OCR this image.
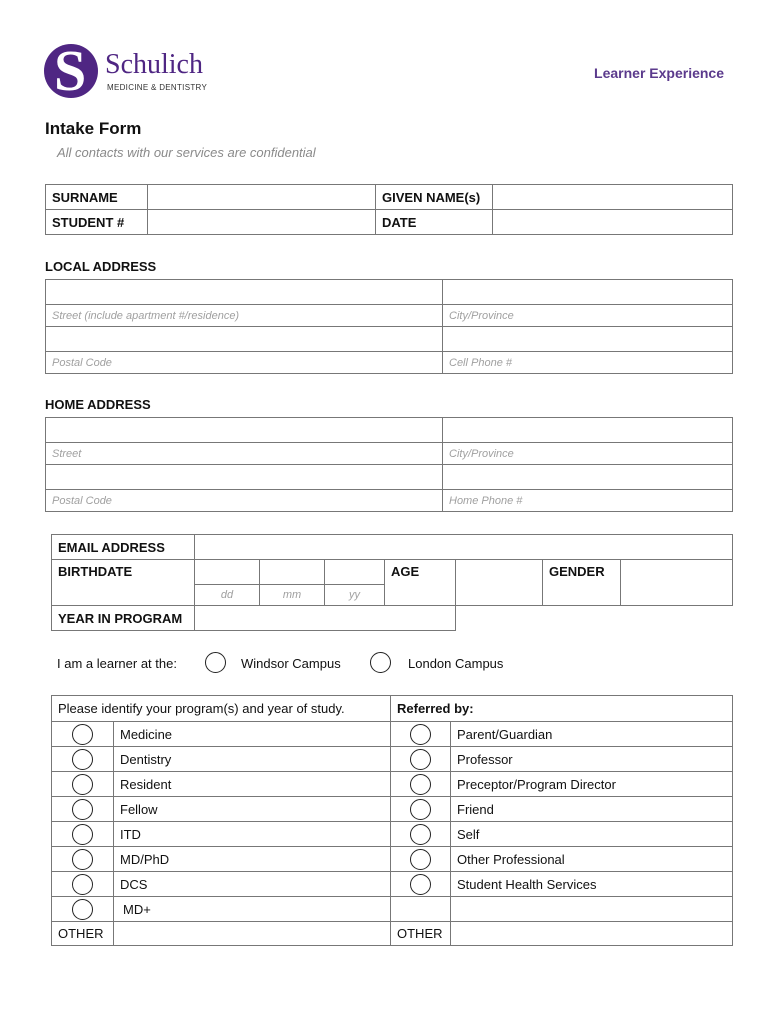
S Schulich
MEDICINE & DENTISTRY
Learner Experience
Intake Form
All contacts with our services are confidential
SURNAME		GIVEN NAME(s)	
STUDENT #		DATE	
LOCAL ADDRESS

Street (include apartment #/residence)	City/Province

Postal Code	Cell Phone #
HOME ADDRESS

Street	City/Province

Postal Code	Home Phone #
EMAIL ADDRESS							
BIRTHDATE				AGE		GENDER	
	dd	mm	yy				
YEAR IN PROGRAM							
I am a learner at the:	Windsor Campus	London Campus
Please identify your program(s) and year of study.		Referred by:	
	Medicine		Parent/Guardian
	Dentistry		Professor
	Resident		Preceptor/Program Director
	Fellow		Friend
	ITD		Self
	MD/PhD		Other Professional
	DCS		Student Health Services
	MD+		
OTHER		OTHER	
